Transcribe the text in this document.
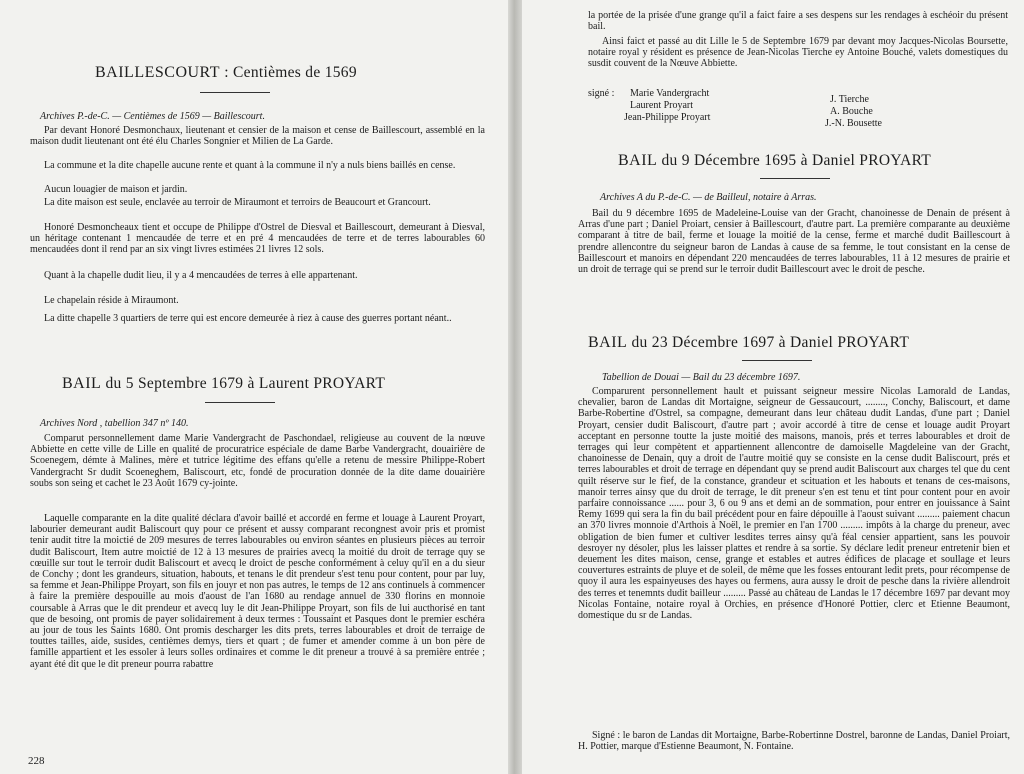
BAILLESCOURT : Centièmes de 1569

Archives P.-de-C. — Centièmes de 1569 — Baillescourt.

Par devant Honoré Desmonchaux, lieutenant et censier de la maison et cense de Baillescourt, assemblé en la maison dudit lieutenant ont été élu Charles Songnier et Milien de La Garde.

La commune et la dite chapelle aucune rente et quant à la commune il n'y a nuls biens baillés en cense.

Aucun louagier de maison et jardin.

La dite maison est seule, enclavée au terroir de Miraumont et terroirs de Beaucourt et Grancourt.

Honoré Desmoncheaux tient et occupe de Philippe d'Ostrel de Diesval et Baillescourt, demeurant à Diesval, un héritage contenant 1 mencaudée de terre et en pré 4 mencaudées de terre et de terres labourables 60 mencaudées dont il rend par an six vingt livres estimées 21 livres 12 sols.

Quant à la chapelle dudit lieu, il y a 4 mencaudées de terres à elle appartenant.

Le chapelain réside à Miraumont.

La ditte chapelle 3 quartiers de terre qui est encore demeurée à riez à cause des guerres portant néant..

BAIL du 5 Septembre 1679 à Laurent PROYART

Archives Nord , tabellion 347 nº 140.

Comparut personnellement dame Marie Vandergracht de Paschondael, religieuse au couvent de la nœuve Abbiette en cette ville de Lille en qualité de procuratrice espéciale de dame Barbe Vandergracht, douairière de Scoenegem, démte à Malines, mère et tutrice légitime des effans qu'elle a retenu de messire Philippe-Robert Vandergracht Sr dudit Scoeneghem, Baliscourt, etc, fondé de procuration donnée de la dite dame douairière soubs son seing et cachet le 23 Août 1679 cy-jointe.

Laquelle comparante en la dite qualité déclara d'avoir baillé et accordé en ferme et louage à Laurent Proyart, labourier demeurant audit Baliscourt quy pour ce présent et aussy comparant recongnest avoir pris et promist tenir audit titre la moictié de 209 mesures de terres labourables ou environ séantes en plusieurs pièces au terroir dudit Baliscourt, Item autre moictié de 12 à 13 mesures de prairies avecq la moitié du droit de terrage quy se cœuille sur tout le terroir dudit Baliscourt et avecq le droict de pesche conformément à celuy qu'il en a du sieur de Conchy ; dont les grandeurs, situation, habouts, et tenans le dit prendeur s'est tenu pour content, pour par luy, sa femme et Jean-Philippe Proyart, son fils en jouyr et non pas autres, le temps de 12 ans continuels à commencer à faire la première despouille au mois d'aoust de l'an 1680 au rendage annuel de 330 florins en monnoie coursable à Arras que le dit prendeur et avecq luy le dit Jean-Philippe Proyart, son fils de lui aucthorisé en tant que de besoing, ont promis de payer solidairement à deux termes : Toussaint et Pasques dont le premier eschéra au jour de tous les Saints 1680. Ont promis descharger les dits prets, terres labourables et droit de terraige de touttes tailles, aide, susides, centièmes demys, tiers et quart ; de fumer et amender comme à un bon père de famille appartient et les essoler à leurs solles ordinaires et comme le dit preneur a trouvé à sa première entrée ; ayant été dit que le dit preneur pourra rabattre

228

la portée de la prisée d'une grange qu'il a faict faire a ses despens sur les rendages à eschéoir du présent bail.

Ainsi faict et passé au dit Lille le 5 de Septembre 1679 par devant moy Jacques-Nicolas Boursette, notaire royal y résident es présence de Jean-Nicolas Tierche ey Antoine Bouché, valets domestiques du susdit couvent de la Nœuve Abbiette.

signé : Marie Vandergracht

Laurent Proyart

Jean-Philippe Proyart

J. Tierche

A. Bouche

J.-N. Bousette

BAIL du 9 Décembre 1695 à Daniel PROYART

Archives A du P.-de-C. — de Bailleul, notaire à Arras.

Bail du 9 décembre 1695 de Madeleine-Louise van der Gracht, chanoinesse de Denain de présent à Arras d'une part ; Daniel Proiart, censier à Baillescourt, d'autre part. La première comparante au deuxième comparant à titre de bail, ferme et louage la moitié de la cense, ferme et marché dudit Baillescourt à prendre allencontre du seigneur baron de Landas à cause de sa femme, le tout consistant en la cense de Baillescourt et manoirs en dépendant 220 mencaudées de terres labourables, 11 à 12 mesures de prairie et un droit de terrage qui se prend sur le terroir dudit Baillescourt avec le droit de pesche.

BAIL du 23 Décembre 1697 à Daniel PROYART

Tabellion de Douai — Bail du 23 décembre 1697.

Comparurent personnellement hault et puissant seigneur messire Nicolas Lamorald de Landas, chevalier, baron de Landas dit Mortaigne, seigneur de Gessaucourt, ........, Conchy, Baliscourt, et dame Barbe-Robertine d'Ostrel, sa compagne, demeurant dans leur château dudit Landas, d'une part ; Daniel Proyart, censier dudit Baliscourt, d'autre part ; avoir accordé à titre de cense et louage audit Proyart acceptant en personne toutte la juste moitié des maisons, manois, prés et terres labourables et droit de terrages qui leur compètent et appartiennent allencontre de damoiselle Magdeleine van der Gracht, chanoinesse de Denain, quy a droit de l'autre moitié quy se consiste en la cense dudit Baliscourt, prés et terres labourables et droit de terrage en dépendant quy se prend audit Baliscourt aux charges tel que du cent quilt réserve sur le fief, de la constance, grandeur et scituation et les habouts et tenans de ces-maisons, manoir terres ainsy que du droit de terrage, le dit preneur s'en est tenu et tint pour content pour en avoir parfaire connoissance ...... pour 3, 6 ou 9 ans et demi an de sommation, pour entrer en jouissance à Saint Remy 1699 qui sera la fin du bail précédent pour en faire dépouille à l'aoust suivant ......... paiement chacun an 370 livres monnoie d'Arthois à Noël, le premier en l'an 1700 ......... impôts à la charge du preneur, avec obligation de bien fumer et cultiver lesdites terres ainsy qu'à féal censier appartient, sans les pouvoir desroyer ny désoler, plus les laisser plattes et rendre à sa sortie. Sy déclare ledit preneur entretenir bien et deuement les dites maison, cense, grange et estables et autres édifices de placage et soullage et leurs couvertures estraints de pluye et de soleil, de même que les fosses entourant ledit prets, pour récompense de quoy il aura les espainyeuses des hayes ou fermens, aura aussy le droit de pesche dans la rivière allendroit des terres et tenemnts dudit bailleur ......... Passé au château de Landas le 17 décembre 1697 par devant moy Nicolas Fontaine, notaire royal à Orchies, en présence d'Honoré Pottier, clerc et Etienne Beaumont, domestique du sr de Landas.

Signé : le baron de Landas dit Mortaigne, Barbe-Robertinne Dostrel, baronne de Landas, Daniel Proiart, H. Pottier, marque d'Estienne Beaumont, N. Fontaine.
